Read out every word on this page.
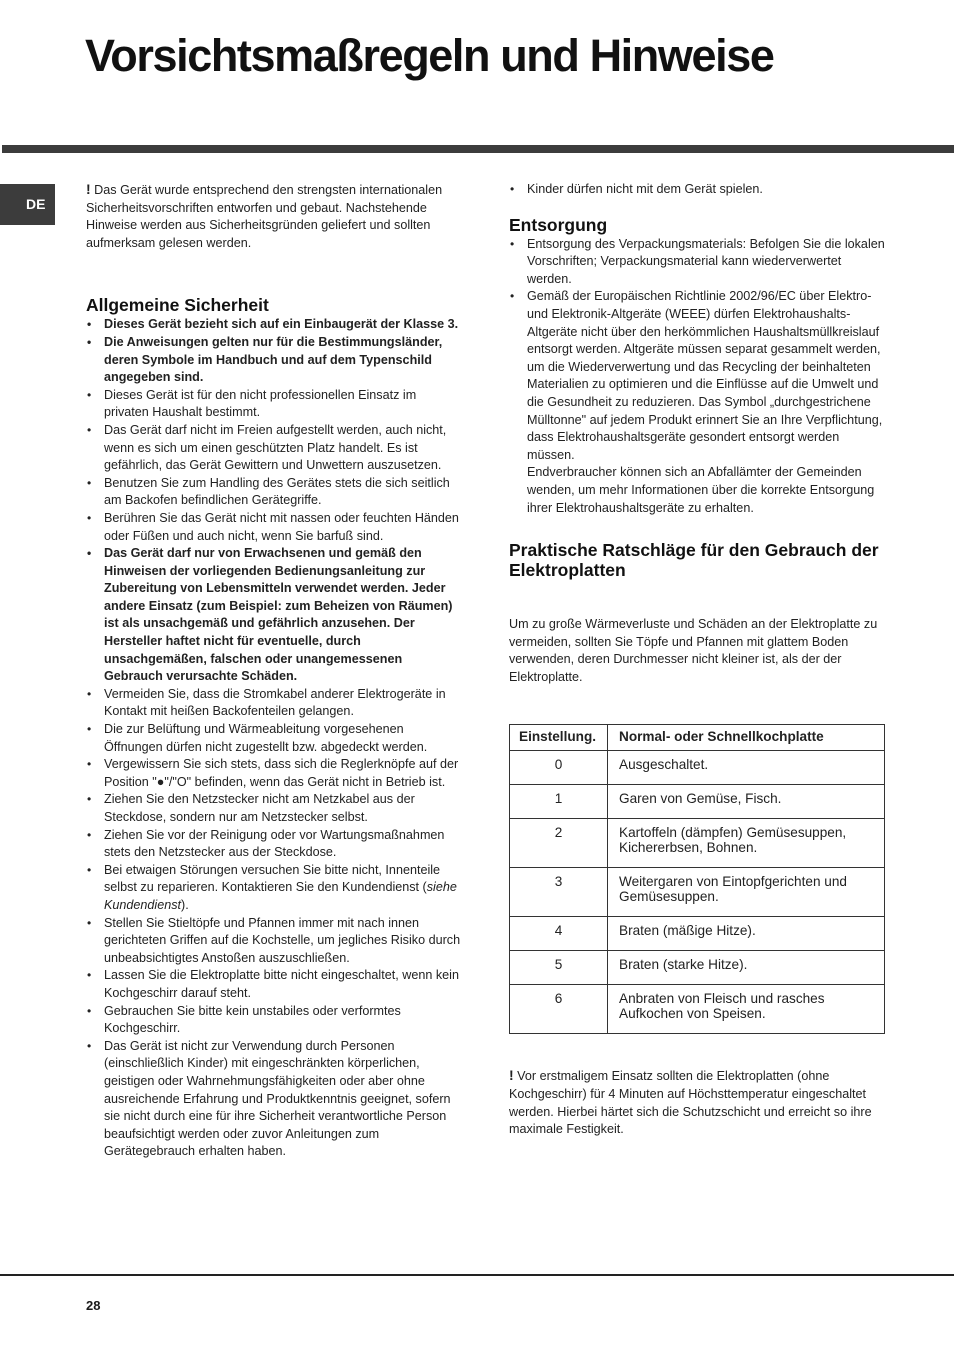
Vorsichtsmaßregeln und Hinweise
DE

! Das Gerät wurde entsprechend den strengsten internationalen Sicherheitsvorschriften entworfen und gebaut. Nachstehende Hinweise werden aus Sicherheitsgründen geliefert und sollten aufmerksam gelesen werden.

Allgemeine Sicherheit
• Dieses Gerät bezieht sich auf ein Einbaugerät der Klasse 3.
• Die Anweisungen gelten nur für die Bestimmungsländer, deren Symbole im Handbuch und auf dem Typenschild angegeben sind.
• Dieses Gerät ist für den nicht professionellen Einsatz im privaten Haushalt bestimmt.
• Das Gerät darf nicht im Freien aufgestellt werden, auch nicht, wenn es sich um einen geschützten Platz handelt. Es ist gefährlich, das Gerät Gewittern und Unwettern auszusetzen.
• Benutzen Sie zum Handling des Gerätes stets die sich seitlich am Backofen befindlichen Gerätegriffe.
• Berühren Sie das Gerät nicht mit nassen oder feuchten Händen oder Füßen und auch nicht, wenn Sie barfuß sind.
• Das Gerät darf nur von Erwachsenen und gemäß den Hinweisen der vorliegenden Bedienungsanleitung zur Zubereitung von Lebensmitteln verwendet werden. Jeder andere Einsatz (zum Beispiel: zum Beheizen von Räumen) ist als unsachgemäß und gefährlich anzusehen. Der Hersteller haftet nicht für eventuelle, durch unsachgemäßen, falschen oder unangemessenen Gebrauch verursachte Schäden.
• Vermeiden Sie, dass die Stromkabel anderer Elektrogeräte in Kontakt mit heißen Backofenteilen gelangen.
• Die zur Belüftung und Wärmeableitung vorgesehenen Öffnungen dürfen nicht zugestellt bzw. abgedeckt werden.
• Vergewissern Sie sich stets, dass sich die Reglerknöpfe auf der Position "●"/"O" befinden, wenn das Gerät nicht in Betrieb ist.
• Ziehen Sie den Netzstecker nicht am Netzkabel aus der Steckdose, sondern nur am Netzstecker selbst.
• Ziehen Sie vor der Reinigung oder vor Wartungsmaßnahmen stets den Netzstecker aus der Steckdose.
• Bei etwaigen Störungen versuchen Sie bitte nicht, Innenteile selbst zu reparieren. Kontaktieren Sie den Kundendienst (siehe Kundendienst).
• Stellen Sie Stieltöpfe und Pfannen immer mit nach innen gerichteten Griffen auf die Kochstelle, um jegliches Risiko durch unbeabsichtigtes Anstoßen auszuschließen.
• Lassen Sie die Elektroplatte bitte nicht eingeschaltet, wenn kein Kochgeschirr darauf steht.
• Gebrauchen Sie bitte kein unstabiles oder verformtes Kochgeschirr.
• Das Gerät ist nicht zur Verwendung durch Personen (einschließlich Kinder) mit eingeschränkten körperlichen, geistigen oder Wahrnehmungsfähigkeiten oder aber ohne ausreichende Erfahrung und Produktkenntnis geeignet, sofern sie nicht durch eine für ihre Sicherheit verantwortliche Person beaufsichtigt werden oder zuvor Anleitungen zum Gerätegebrauch erhalten haben.
• Kinder dürfen nicht mit dem Gerät spielen.
Entsorgung
• Entsorgung des Verpackungsmaterials: Befolgen Sie die lokalen Vorschriften; Verpackungsmaterial kann wiederverwertet werden.
• Gemäß der Europäischen Richtlinie 2002/96/EC über Elektro- und Elektronik-Altgeräte (WEEE) dürfen Elektrohaushalts-Altgeräte nicht über den herkömmlichen Haushaltsmüllkreislauf entsorgt werden. Altgeräte müssen separat gesammelt werden, um die Wiederverwertung und das Recycling der beinhalteten Materialien zu optimieren und die Einflüsse auf die Umwelt und die Gesundheit zu reduzieren. Das Symbol „durchgestrichene Mülltonne" auf jedem Produkt erinnert Sie an Ihre Verpflichtung, dass Elektrohaushaltsgeräte gesondert entsorgt werden müssen.

Endverbraucher können sich an Abfallämter der Gemeinden wenden, um mehr Informationen über die korrekte Entsorgung ihrer Elektrohaushaltsgeräte zu erhalten.

Praktische Ratschläge für den Gebrauch der Elektroplatten

Um zu große Wärmeverluste und Schäden an der Elektroplatte zu vermeiden, sollten Sie Töpfe und Pfannen mit glattem Boden verwenden, deren Durchmesser nicht kleiner ist, als der der Elektroplatte.

Einstellung.	Normal- oder Schnellkochplatte
0	Ausgeschaltet.
1	Garen von Gemüse, Fisch.
2	Kartoffeln (dämpfen) Gemüsesuppen, Kichererbsen, Bohnen.
3	Weitergaren von Eintopfgerichten und Gemüsesuppen.
4	Braten (mäßige Hitze).
5	Braten (starke Hitze).
6	Anbraten von Fleisch und rasches Aufkochen von Speisen.

! Vor erstmaligem Einsatz sollten die Elektroplatten (ohne Kochgeschirr) für 4 Minuten auf Höchsttemperatur eingeschaltet werden. Hierbei härtet sich die Schutzschicht und erreicht so ihre maximale Festigkeit.

28
